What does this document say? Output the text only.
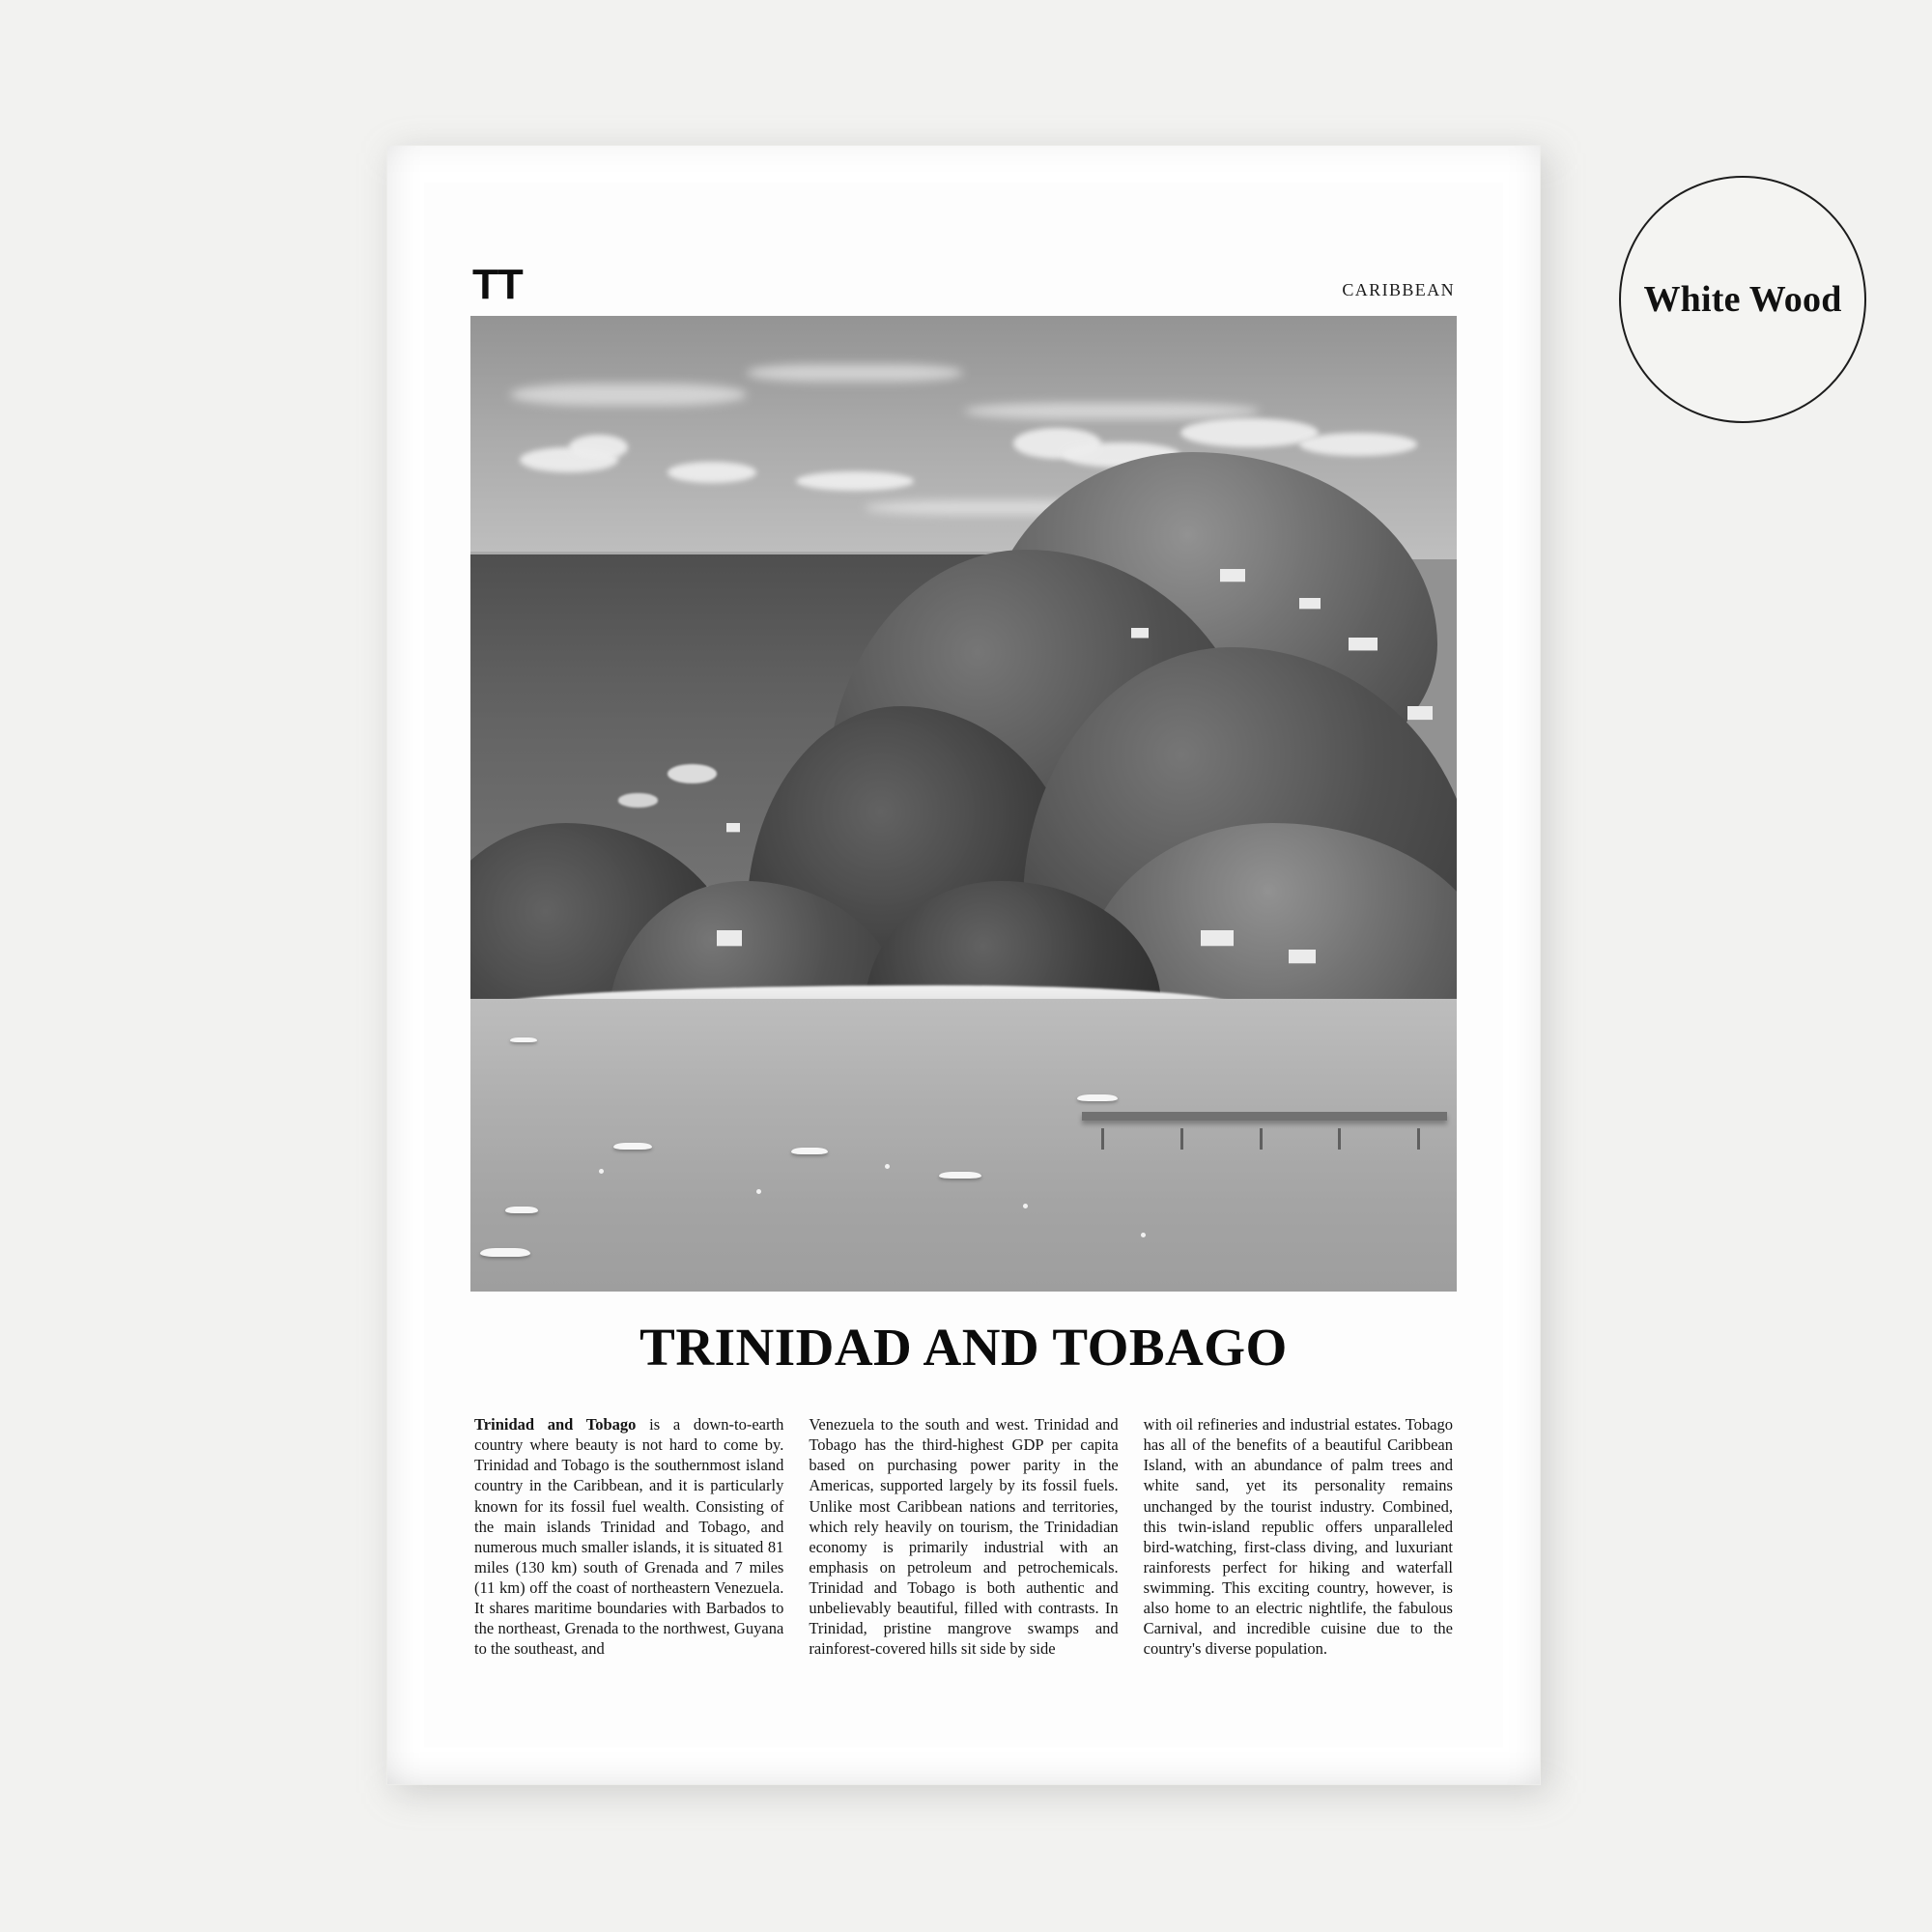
TT	CARIBBEAN
TRINIDAD AND TOBAGO

Trinidad and Tobago is a down-to-earth country where beauty is not hard to come by. Trinidad and Tobago is the southernmost island country in the Caribbean, and it is particularly known for its fossil fuel wealth. Consisting of the main islands Trinidad and Tobago, and numerous much smaller islands, it is situated 81 miles (130 km) south of Grenada and 7 miles (11 km) off the coast of northeastern Venezuela. It shares maritime boundaries with Barbados to the northeast, Grenada to the northwest, Guyana to the southeast, and

Venezuela to the south and west. Trinidad and Tobago has the third-highest GDP per capita based on purchasing power parity in the Americas, supported largely by its fossil fuels. Unlike most Caribbean nations and territories, which rely heavily on tourism, the Trinidadian economy is primarily industrial with an emphasis on petroleum and petrochemicals. Trinidad and Tobago is both authentic and unbelievably beautiful, filled with contrasts. In Trinidad, pristine mangrove swamps and rainforest-covered hills sit side by side

with oil refineries and industrial estates. Tobago has all of the benefits of a beautiful Caribbean Island, with an abundance of palm trees and white sand, yet its personality remains unchanged by the tourist industry. Combined, this twin-island republic offers unparalleled bird-watching, first-class diving, and luxuriant rainforests perfect for hiking and waterfall swimming. This exciting country, however, is also home to an electric nightlife, the fabulous Carnival, and incredible cuisine due to the country's diverse population.

White Wood
